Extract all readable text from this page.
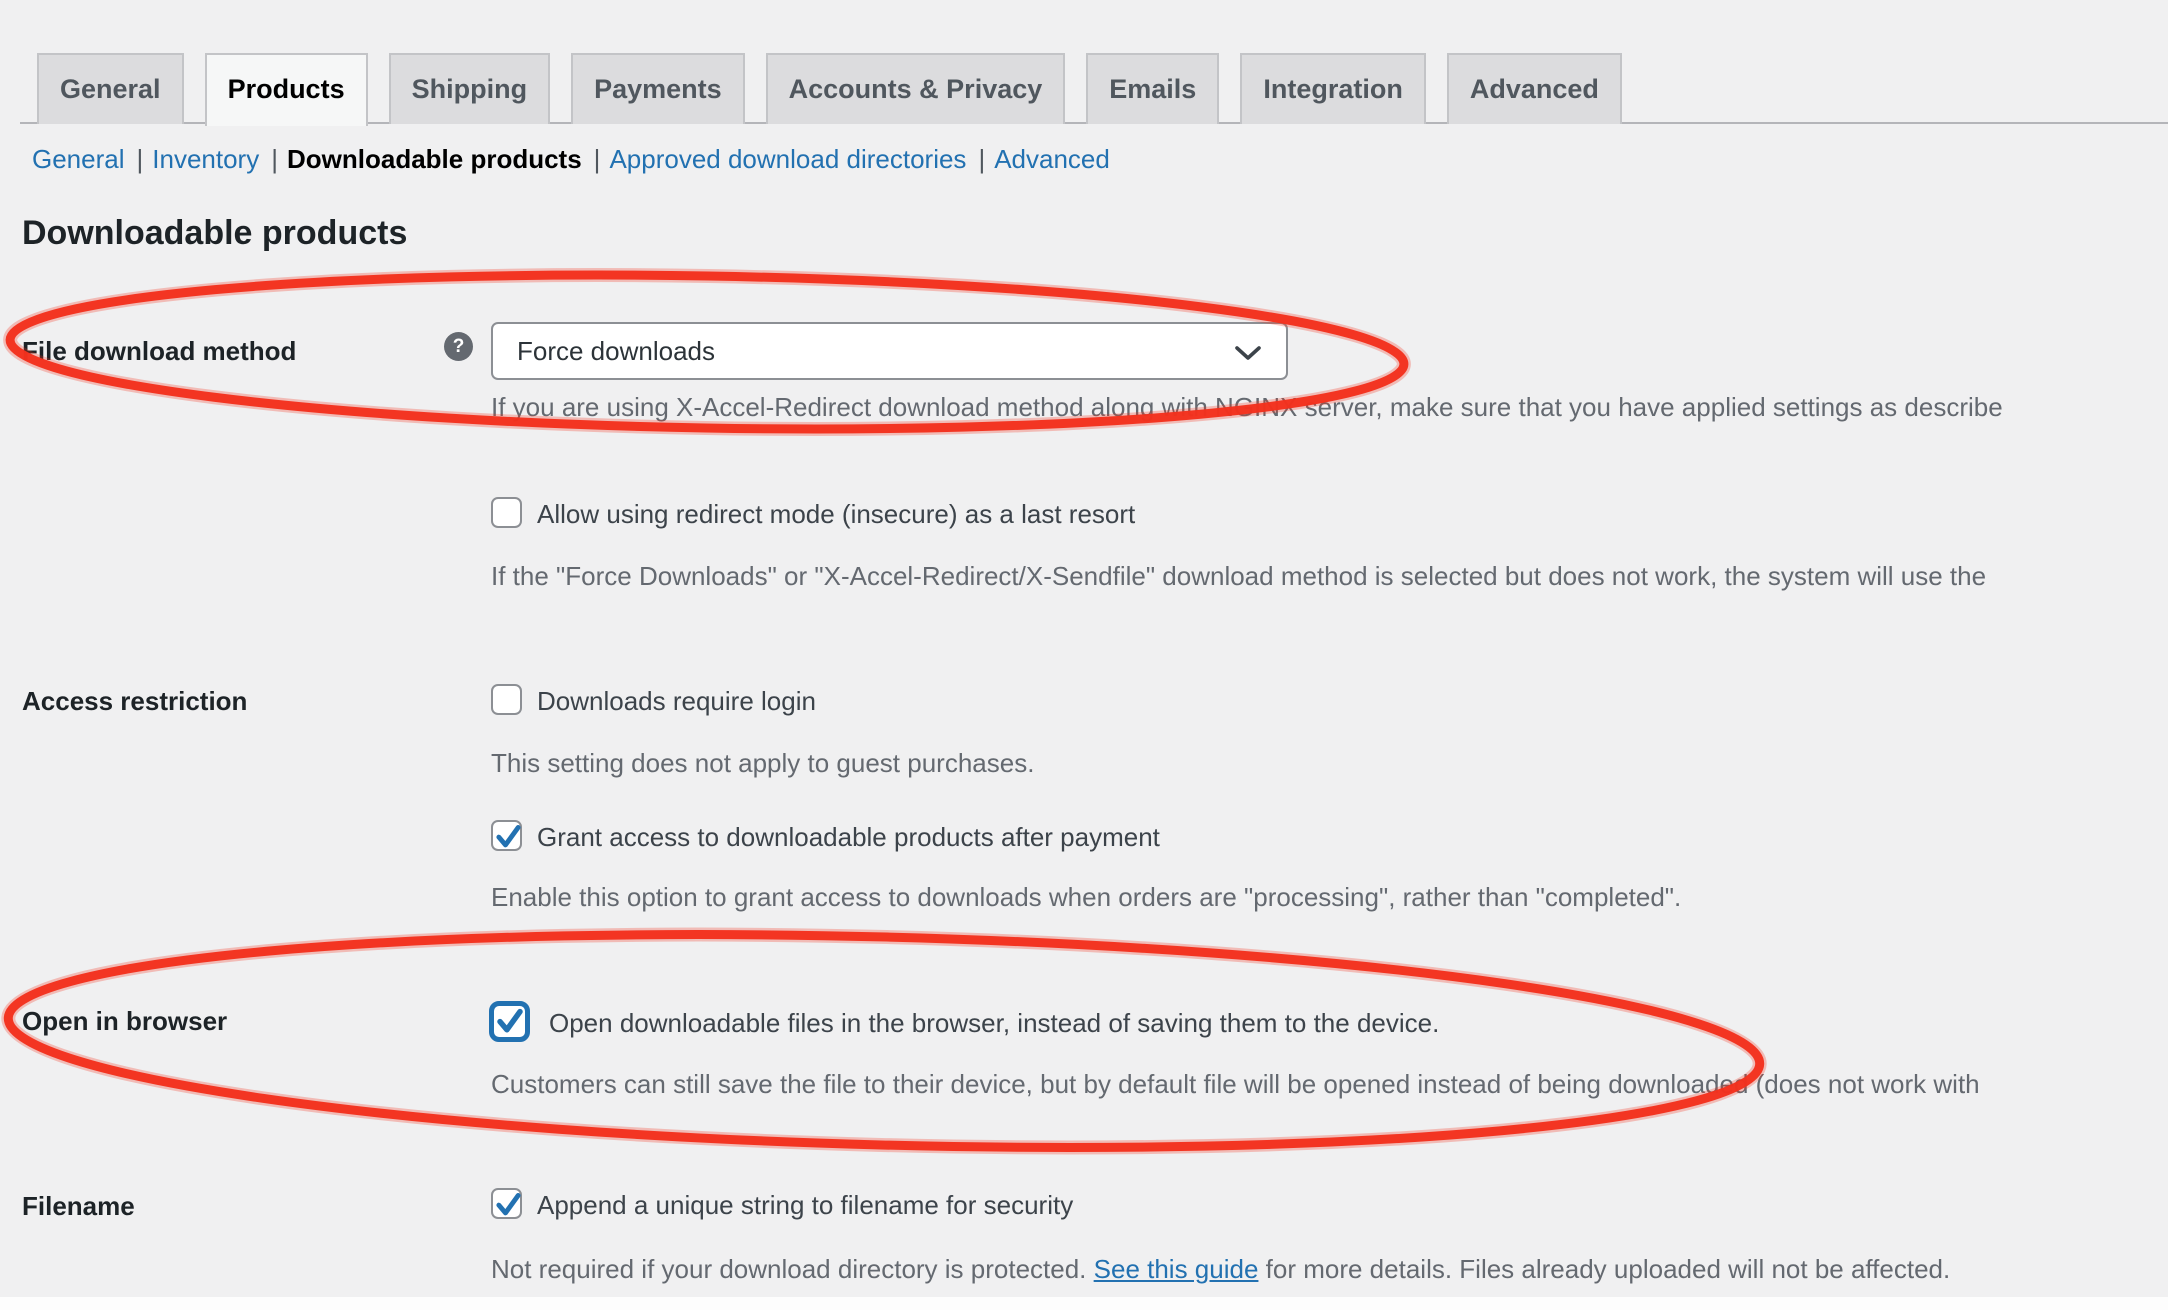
General	Products	Shipping	Payments	Accounts & Privacy	Emails	Integration	Advanced
General | Inventory | Downloadable products | Approved download directories | Advanced
Downloadable products
File download method	?	Force downloads
If you are using X-Accel-Redirect download method along with NGINX server, make sure that you have applied settings as describe
Allow using redirect mode (insecure) as a last resort
If the "Force Downloads" or "X-Accel-Redirect/X-Sendfile" download method is selected but does not work, the system will use the
Access restriction	Downloads require login
This setting does not apply to guest purchases.
Grant access to downloadable products after payment
Enable this option to grant access to downloads when orders are "processing", rather than "completed".
Open in browser	Open downloadable files in the browser, instead of saving them to the device.
Customers can still save the file to their device, but by default file will be opened instead of being downloaded (does not work with
Filename	Append a unique string to filename for security
Not required if your download directory is protected. See this guide for more details. Files already uploaded will not be affected.
